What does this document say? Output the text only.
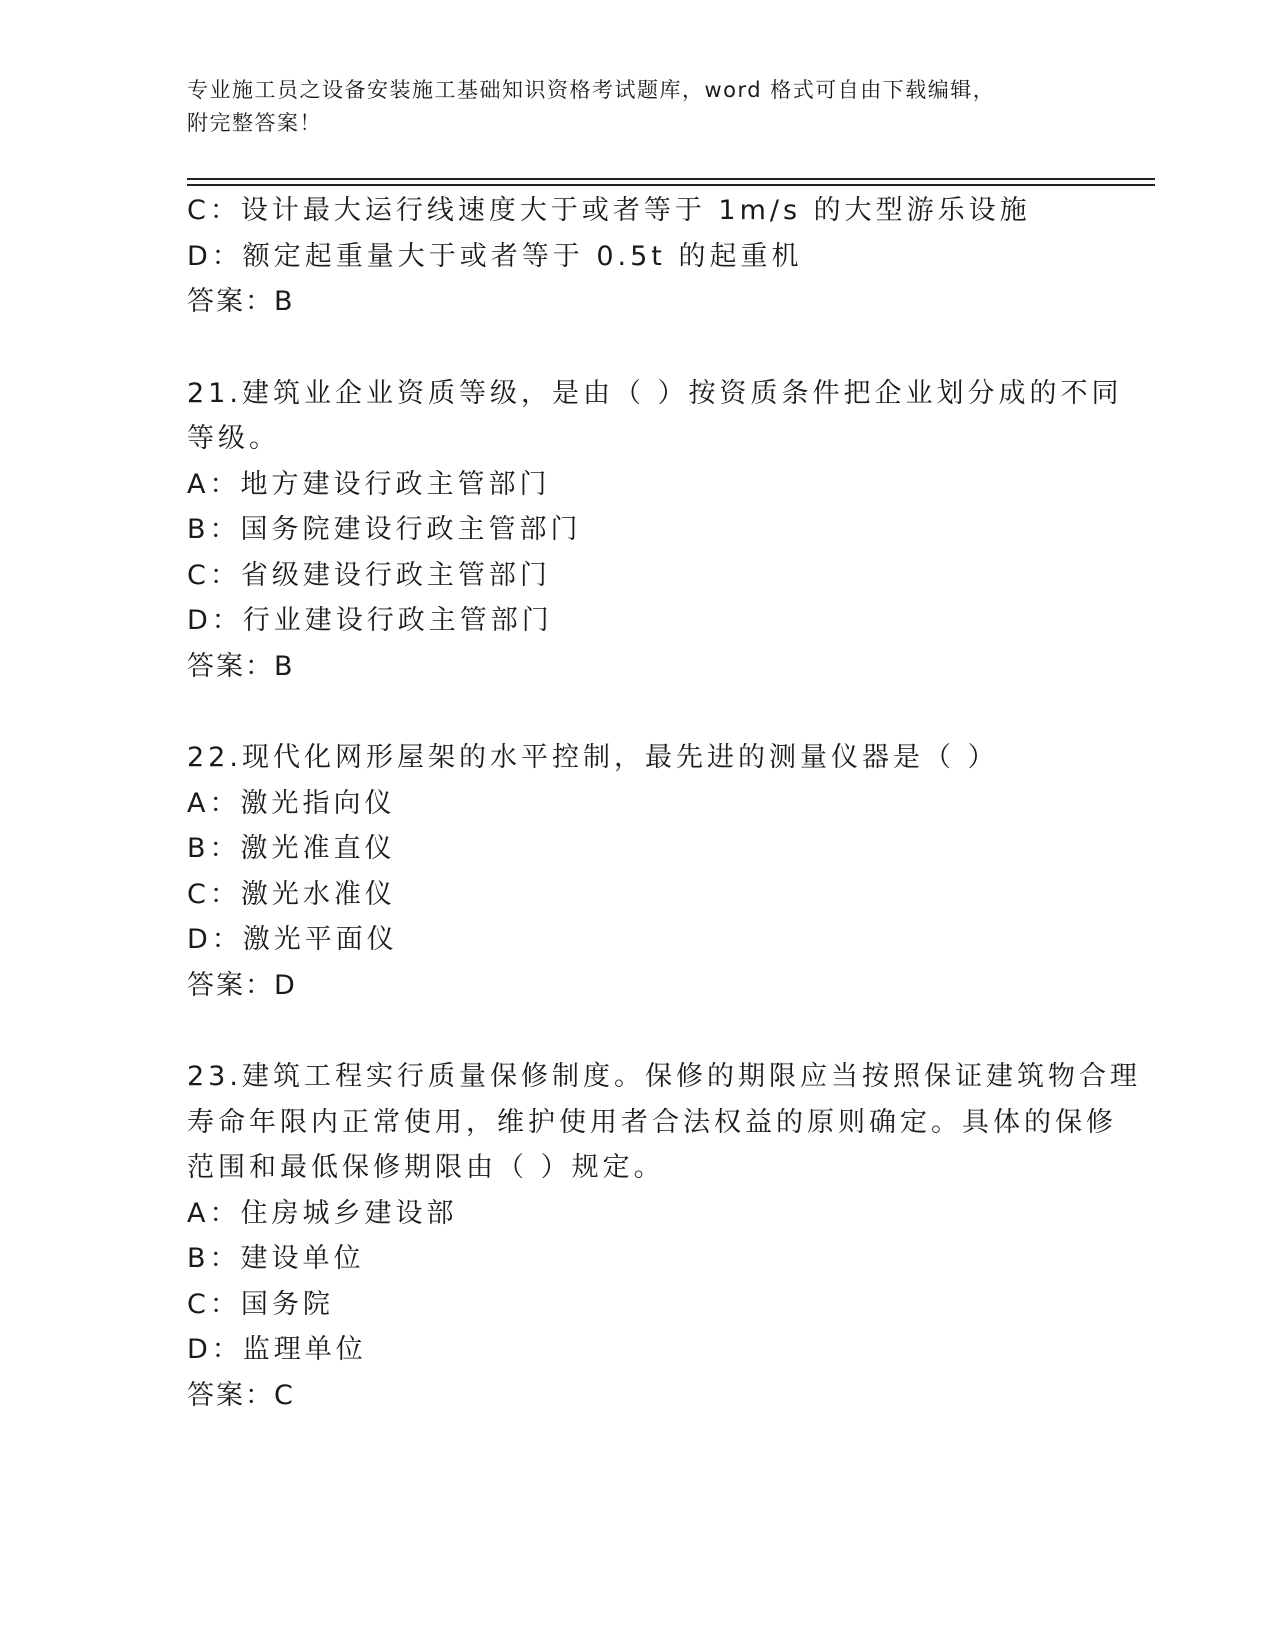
专业施工员之设备安装施工基础知识资格考试题库，word 格式可自由下载编辑，
附完整答案！
C：设计最大运行线速度大于或者等于 1m/s 的大型游乐设施
D：额定起重量大于或者等于 0.5t 的起重机
答案：B
21.建筑业企业资质等级，是由（ ）按资质条件把企业划分成的不同
等级。
A：地方建设行政主管部门
B：国务院建设行政主管部门
C：省级建设行政主管部门
D：行业建设行政主管部门
答案：B
22.现代化网形屋架的水平控制，最先进的测量仪器是（ ）
A：激光指向仪
B：激光准直仪
C：激光水准仪
D：激光平面仪
答案：D
23.建筑工程实行质量保修制度。保修的期限应当按照保证建筑物合理
寿命年限内正常使用，维护使用者合法权益的原则确定。具体的保修
范围和最低保修期限由（ ）规定。
A：住房城乡建设部
B：建设单位
C：国务院
D：监理单位
答案：C
